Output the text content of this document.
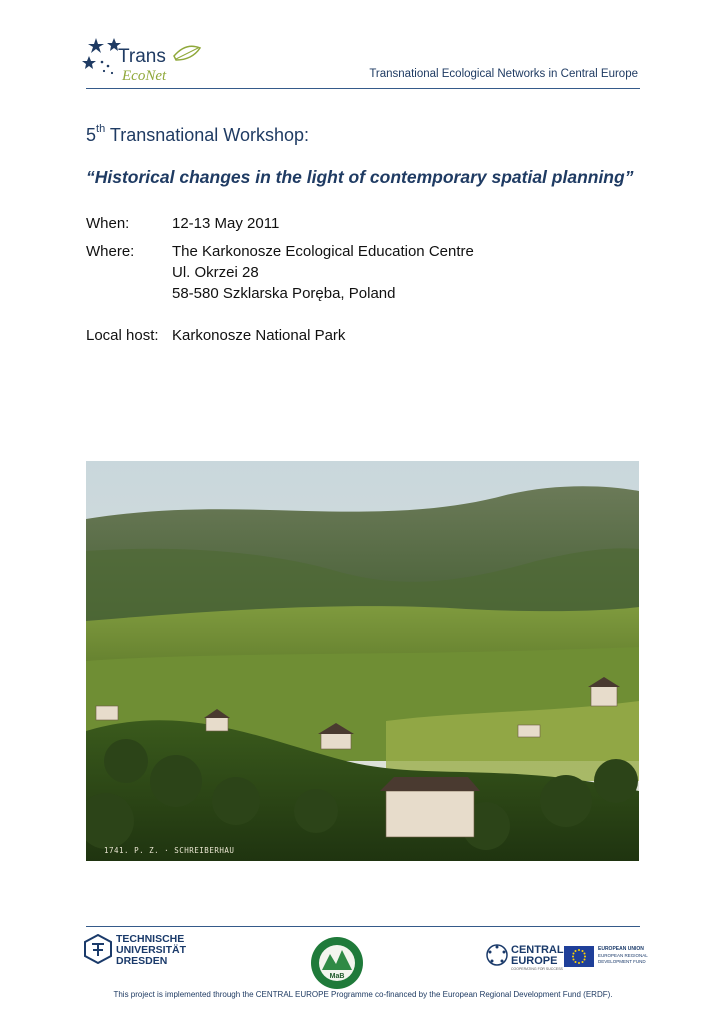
Trans
EcoNet	Transnational Ecological Networks in Central Europe
5th Transnational Workshop:
“Historical changes in the light of contemporary spatial planning”
When:	12-13 May 2011
Where:	The Karkonosze Ecological Education Centre
Ul. Okrzei 28
58-580 Szklarska Poręba, Poland
Local host: Karkonosze National Park
1741. P. Z. · SCHREIBERHAU
TECHNISCHE
UNIVERSITÄT
DRESDEN
MaB
CENTRAL
EUROPE
COOPERATING FOR SUCCESS
EUROPEAN UNION
EUROPEAN REGIONAL
DEVELOPMENT FUND
This project is implemented through the CENTRAL EUROPE Programme co-financed by the European Regional Development Fund (ERDF).
